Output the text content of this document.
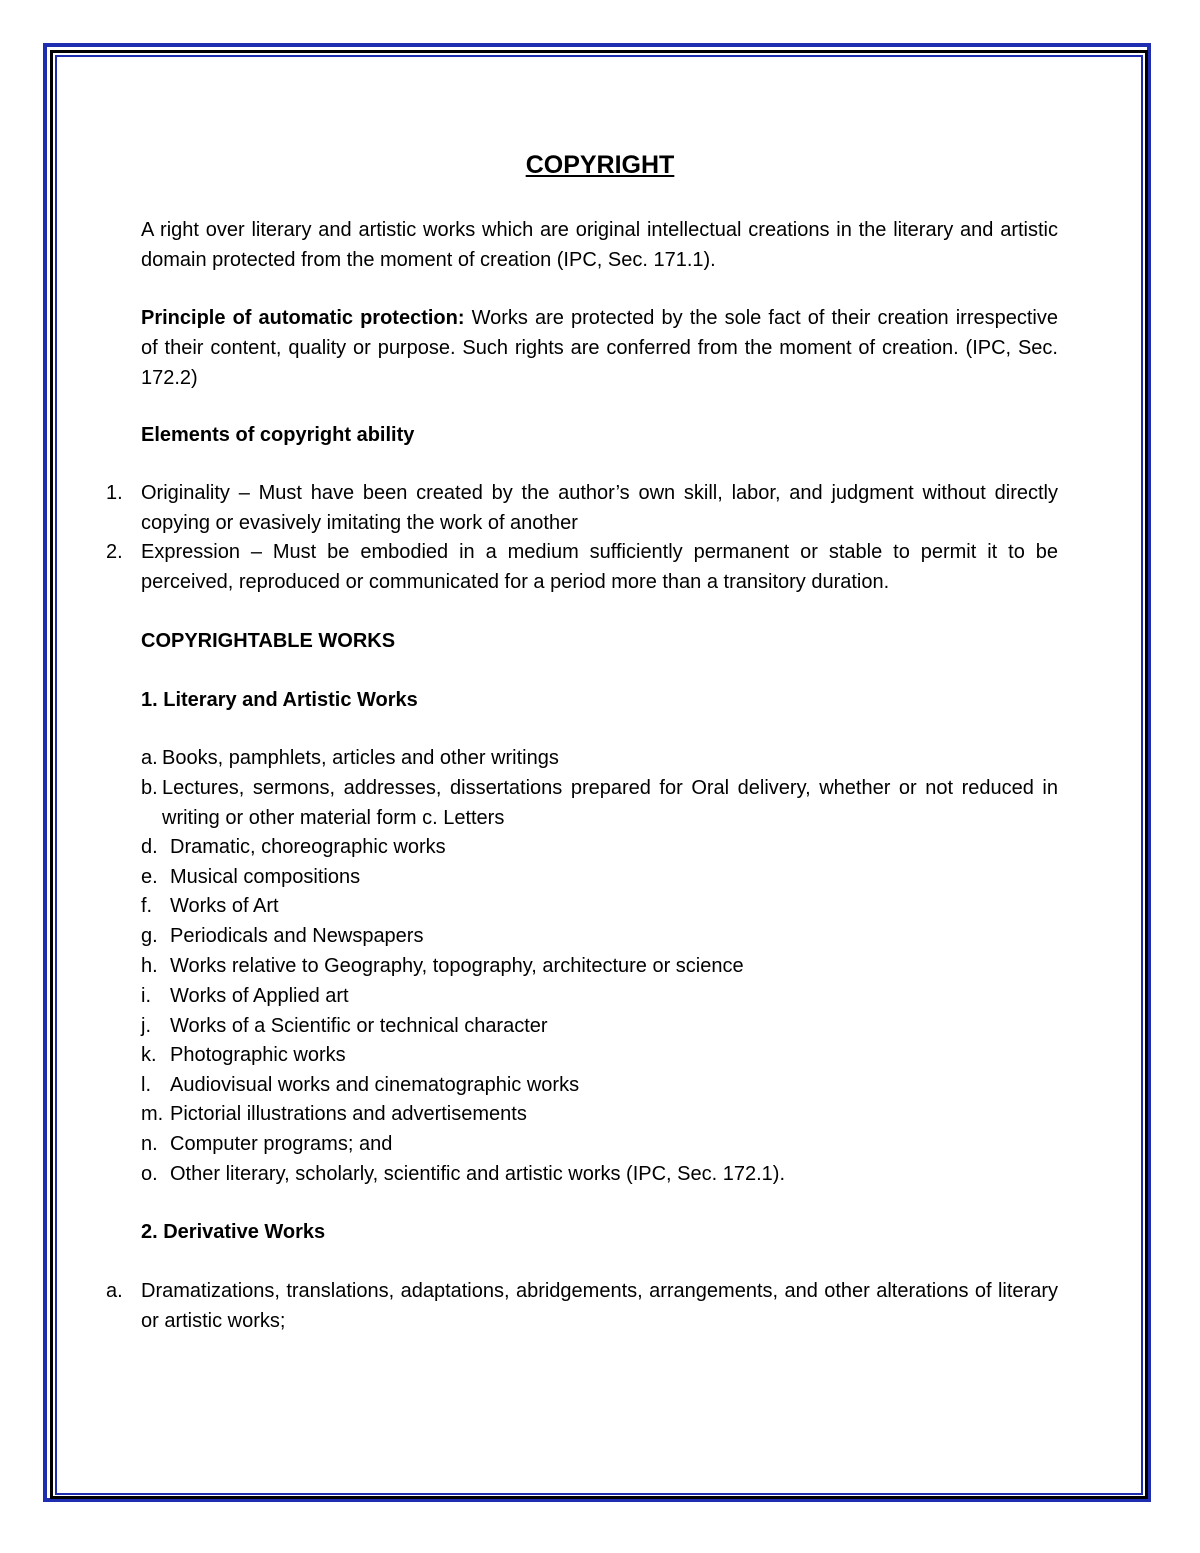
COPYRIGHT
A right over literary and artistic works which are original intellectual creations in the literary and artistic domain protected from the moment of creation (IPC, Sec. 171.1).
Principle of automatic protection: Works are protected by the sole fact of their creation irrespective of their content, quality or purpose. Such rights are conferred from the moment of creation. (IPC, Sec. 172.2)
Elements of copyright ability
1. Originality – Must have been created by the author’s own skill, labor, and judgment without directly copying or evasively imitating the work of another
2. Expression – Must be embodied in a medium sufficiently permanent or stable to permit it to be perceived, reproduced or communicated for a period more than a transitory duration.
COPYRIGHTABLE WORKS
1. Literary and Artistic Works
a. Books, pamphlets, articles and other writings
b. Lectures, sermons, addresses, dissertations prepared for Oral delivery, whether or not reduced in writing or other material form c. Letters
d. Dramatic, choreographic works
e. Musical compositions
f. Works of Art
g. Periodicals and Newspapers
h. Works relative to Geography, topography, architecture or science
i. Works of Applied art
j. Works of a Scientific or technical character
k. Photographic works
l. Audiovisual works and cinematographic works
m. Pictorial illustrations and advertisements
n. Computer programs; and
o. Other literary, scholarly, scientific and artistic works (IPC, Sec. 172.1).
2. Derivative Works
a. Dramatizations, translations, adaptations, abridgements, arrangements, and other alterations of literary or artistic works;
